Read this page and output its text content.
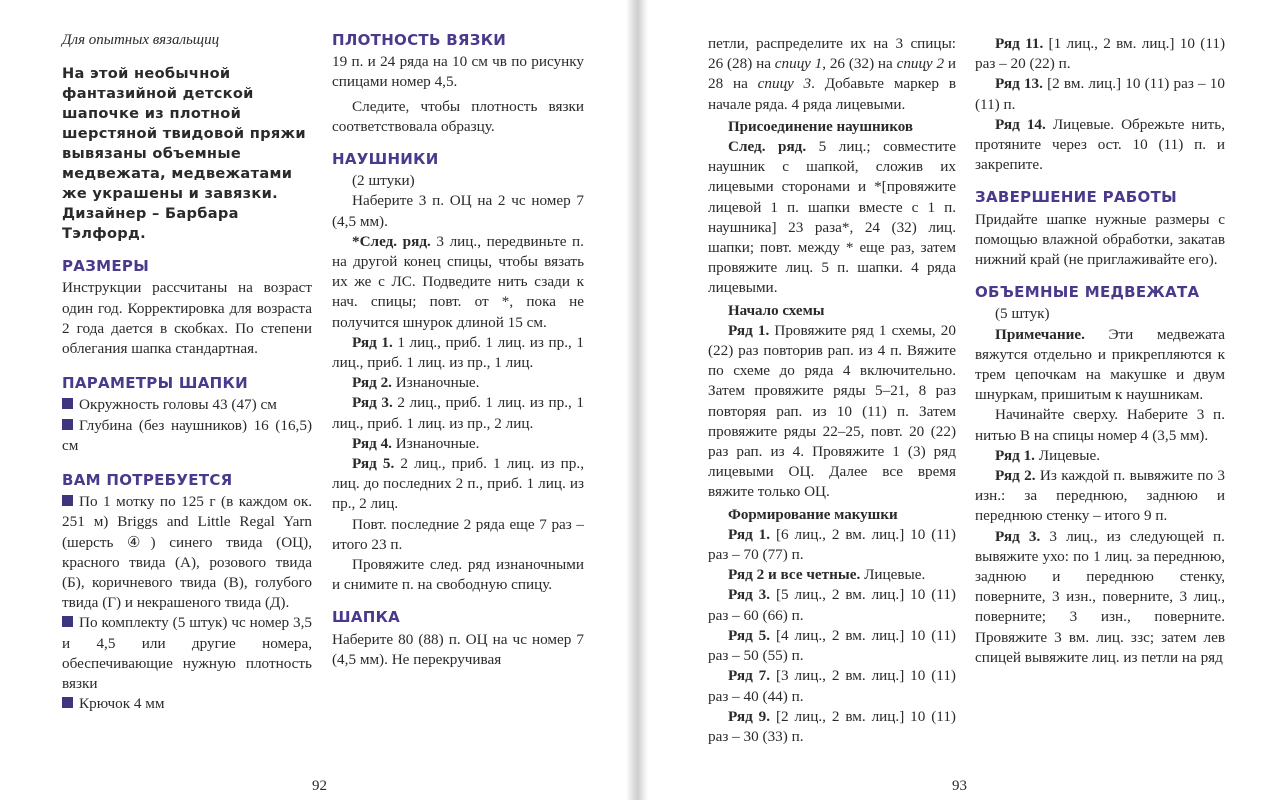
Для опытных вязальщиц
На этой необычной фантазийной детской шапочке из плотной шерстяной твидовой пряжи вывязаны объемные медвежата, медвежатами же украшены и завязки. Дизайнер – Барбара Тэлфорд.
РАЗМЕРЫ

Инструкции рассчитаны на возраст один год. Корректировка для возраста 2 года дается в скобках. По степени облегания шапка стандартная.

ПАРАМЕТРЫ ШАПКИ

Окружность головы 43 (47) см

Глубина (без наушников) 16 (16,5) см

ВАМ ПОТРЕБУЕТСЯ

По 1 мотку по 125 г (в каждом ок. 251 м) Briggs and Little Regal Yarn (шерсть ④) синего твида (ОЦ), красного твида (А), розового твида (Б), коричневого твида (В), голубого твида (Г) и некрашеного твида (Д).

По комплекту (5 штук) чс номер 3,5 и 4,5 или другие номера, обеспечивающие нужную плотность вязки

Крючок 4 мм

ПЛОТНОСТЬ ВЯЗКИ

19 п. и 24 ряда на 10 см чв по рисунку спицами номер 4,5.

Следите, чтобы плотность вязки соответствовала образцу.

НАУШНИКИ

(2 штуки)

Наберите 3 п. ОЦ на 2 чс номер 7 (4,5 мм).

*След. ряд. 3 лиц., передвиньте п. на другой конец спицы, чтобы вязать их же с ЛС. Подведите нить сзади к нач. спицы; повт. от *, пока не получится шнурок длиной 15 см.

Ряд 1. 1 лиц., приб. 1 лиц. из пр., 1 лиц., приб. 1 лиц. из пр., 1 лиц.

Ряд 2. Изнаночные.

Ряд 3. 2 лиц., приб. 1 лиц. из пр., 1 лиц., приб. 1 лиц. из пр., 2 лиц.

Ряд 4. Изнаночные.

Ряд 5. 2 лиц., приб. 1 лиц. из пр., лиц. до последних 2 п., приб. 1 лиц. из пр., 2 лиц.

Повт. последние 2 ряда еще 7 раз – итого 23 п.

Провяжите след. ряд изнаночными и снимите п. на свободную спицу.

ШАПКА

Наберите 80 (88) п. ОЦ на чс номер 7 (4,5 мм). Не перекручивая

92

петли, распределите их на 3 спицы: 26 (28) на спицу 1, 26 (32) на спицу 2 и 28 на спицу 3. Добавьте маркер в начале ряда. 4 ряда лицевыми.

Присоединение наушников

След. ряд. 5 лиц.; совместите наушник с шапкой, сложив их лицевыми сторонами и *[провяжите лицевой 1 п. шапки вместе с 1 п. наушника] 23 раза*, 24 (32) лиц. шапки; повт. между * еще раз, затем провяжите лиц. 5 п. шапки. 4 ряда лицевыми.

Начало схемы

Ряд 1. Провяжите ряд 1 схемы, 20 (22) раз повторив рап. из 4 п. Вяжите по схеме до ряда 4 включительно. Затем провяжите ряды 5–21, 8 раз повторяя рап. из 10 (11) п. Затем провяжите ряды 22–25, повт. 20 (22) раз рап. из 4. Провяжите 1 (3) ряд лицевыми ОЦ. Далее все время вяжите только ОЦ.

Формирование макушки

Ряд 1. [6 лиц., 2 вм. лиц.] 10 (11) раз – 70 (77) п.

Ряд 2 и все четные. Лицевые.

Ряд 3. [5 лиц., 2 вм. лиц.] 10 (11) раз – 60 (66) п.

Ряд 5. [4 лиц., 2 вм. лиц.] 10 (11) раз – 50 (55) п.

Ряд 7. [3 лиц., 2 вм. лиц.] 10 (11) раз – 40 (44) п.

Ряд 9. [2 лиц., 2 вм. лиц.] 10 (11) раз – 30 (33) п.

Ряд 11. [1 лиц., 2 вм. лиц.] 10 (11) раз – 20 (22) п.

Ряд 13. [2 вм. лиц.] 10 (11) раз – 10 (11) п.

Ряд 14. Лицевые. Обрежьте нить, протяните через ост. 10 (11) п. и закрепите.

ЗАВЕРШЕНИЕ РАБОТЫ

Придайте шапке нужные размеры с помощью влажной обработки, закатав нижний край (не приглаживайте его).

ОБЪЕМНЫЕ МЕДВЕЖАТА

(5 штук)

Примечание. Эти медвежата вяжутся отдельно и прикрепляются к трем цепочкам на макушке и двум шнуркам, пришитым к наушникам.

Начинайте сверху. Наберите 3 п. нитью В на спицы номер 4 (3,5 мм).

Ряд 1. Лицевые.

Ряд 2. Из каждой п. вывяжите по 3 изн.: за переднюю, заднюю и переднюю стенку – итого 9 п.

Ряд 3. 3 лиц., из следующей п. вывяжите ухо: по 1 лиц. за переднюю, заднюю и переднюю стенку, поверните, 3 изн., поверните, 3 лиц., поверните; 3 изн., поверните. Провяжите 3 вм. лиц. ззс; затем лев спицей вывяжите лиц. из петли на ряд

93
